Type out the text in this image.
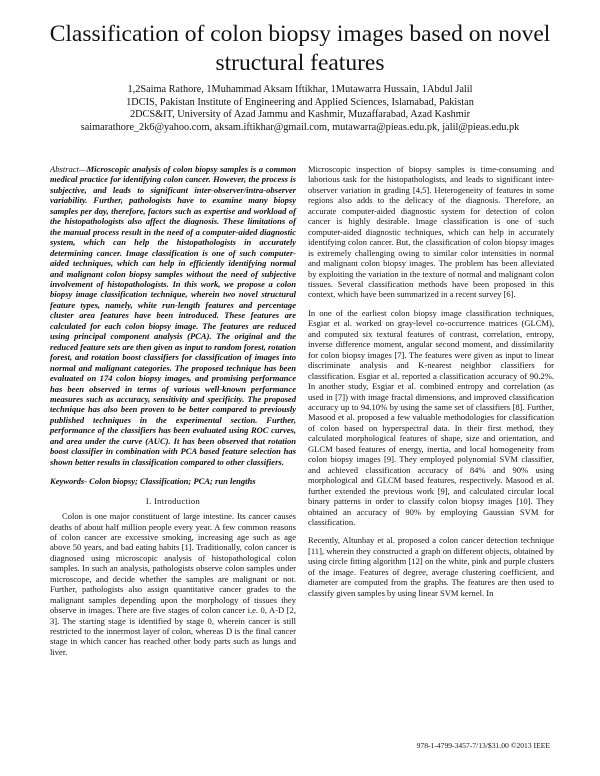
Classification of colon biopsy images based on novel structural features
1,2Saima Rathore, 1Muhammad Aksam Iftikhar, 1Mutawarra Hussain, 1Abdul Jalil
1DCIS, Pakistan Institute of Engineering and Applied Sciences, Islamabad, Pakistan
2DCS&IT, University of Azad Jammu and Kashmir, Muzaffarabad, Azad Kashmir
saimarathore_2k6@yahoo.com, aksam.iftikhar@gmail.com, mutawarra@pieas.edu.pk, jalil@pieas.edu.pk

Abstract—Microscopic analysis of colon biopsy samples is a common medical practice for identifying colon cancer. However, the process is subjective, and leads to significant inter-observer/intra-observer variability. Further, pathologists have to examine many biopsy samples per day, therefore, factors such as expertise and workload of the histopathologists also affect the diagnosis. These limitations of the manual process result in the need of a computer-aided diagnostic system, which can help the histopathologists in accurately determining cancer. Image classification is one of such computer-aided techniques, which can help in efficiently identifying normal and malignant colon biopsy samples without the need of subjective involvement of histopathologists. In this work, we propose a colon biopsy image classification technique, wherein two novel structural feature types, namely, white run-length features and percentage cluster area features have been introduced. These features are calculated for each colon biopsy image. The features are reduced using principal component analysis (PCA). The original and the reduced feature sets are then given as input to random forest, rotation forest, and rotation boost classifiers for classification of images into normal and malignant categories. The proposed technique has been evaluated on 174 colon biopsy images, and promising performance has been observed in terms of various well-known performance measures such as accuracy, sensitivity and specificity. The proposed technique has also been proven to be better compared to previously published techniques in the experimental section. Further, performance of the classifiers has been evaluated using ROC curves, and area under the curve (AUC). It has been observed that rotation boost classifier in combination with PCA based feature selection has shown better results in classification compared to other classifiers.

Keywords- Colon biopsy; Classification; PCA; run lengths

I. Introduction

Colon is one major constituent of large intestine. Its cancer causes deaths of about half million people every year. A few common reasons of colon cancer are excessive smoking, increasing age such as age above 50 years, and bad eating habits [1]. Traditionally, colon cancer is diagnosed using microscopic analysis of histopathological colon samples. In such an analysis, pathologists observe colon samples under microscope, and decide whether the samples are malignant or not. Further, pathologists also assign quantitative cancer grades to the malignant samples depending upon the morphology of tissues they observe in images. There are five stages of colon cancer i.e. 0, A-D [2, 3]. The starting stage is identified by stage 0, wherein cancer is still restricted to the innermost layer of colon, whereas D is the final cancer stage in which cancer has reached other body parts such as lungs and liver.

Microscopic inspection of biopsy samples is time-consuming and laborious task for the histopathologists, and leads to significant inter-observer variation in grading [4,5]. Heterogeneity of features in some regions also adds to the delicacy of the diagnosis. Therefore, an accurate computer-aided diagnostic system for detection of colon cancer is highly desirable. Image classification is one of such computer-aided diagnostic techniques, which can help in accurately identifying colon cancer. But, the classification of colon biopsy images is extremely challenging owing to similar color intensities in normal and malignant colon biopsy images. The problem has been alleviated by exploiting the variation in the texture of normal and malignant colon tissues. Several classification methods have been proposed in this context, which have been summarized in a recent survey [6].

In one of the earliest colon biopsy image classification techniques, Esgiar et al. worked on gray-level co-occurrence matrices (GLCM), and computed six textural features of contrast, correlation, entropy, inverse difference moment, angular second moment, and dissimilarity for colon biopsy images [7]. The features were given as input to linear discriminate analysis and K-nearest neighbor classifiers for classification. Esgiar et al. reported a classification accuracy of 90.2%. In another study, Esgiar et al. combined entropy and correlation (as used in [7]) with image fractal dimensions, and improved classification accuracy up to 94.10% by using the same set of classifiers [8]. Further, Masood et al. proposed a few valuable methodologies for classification of colon based on hyperspectral data. In their first method, they calculated morphological features of shape, size and orientation, and GLCM based features of energy, inertia, and local homogeneity from colon biopsy images [9]. They employed polynomial SVM classifier, and achieved classification accuracy of 84% and 90% using morphological and GLCM based features, respectively. Masood et al. further extended the previous work [9], and calculated circular local binary patterns in order to classify colon biopsy images [10]. They obtained an accuracy of 90% by employing Gaussian SVM for classification.

Recently, Altunbay et al. proposed a colon cancer detection technique [11], wherein they constructed a graph on different objects, obtained by using circle fitting algorithm [12] on the white, pink and purple clusters of the image. Features of degree, average clustering coefficient, and diameter are computed from the graphs. The features are then used to classify given samples by using linear SVM kernel. In

978-1-4799-3457-7/13/$31.00 ©2013 IEEE
